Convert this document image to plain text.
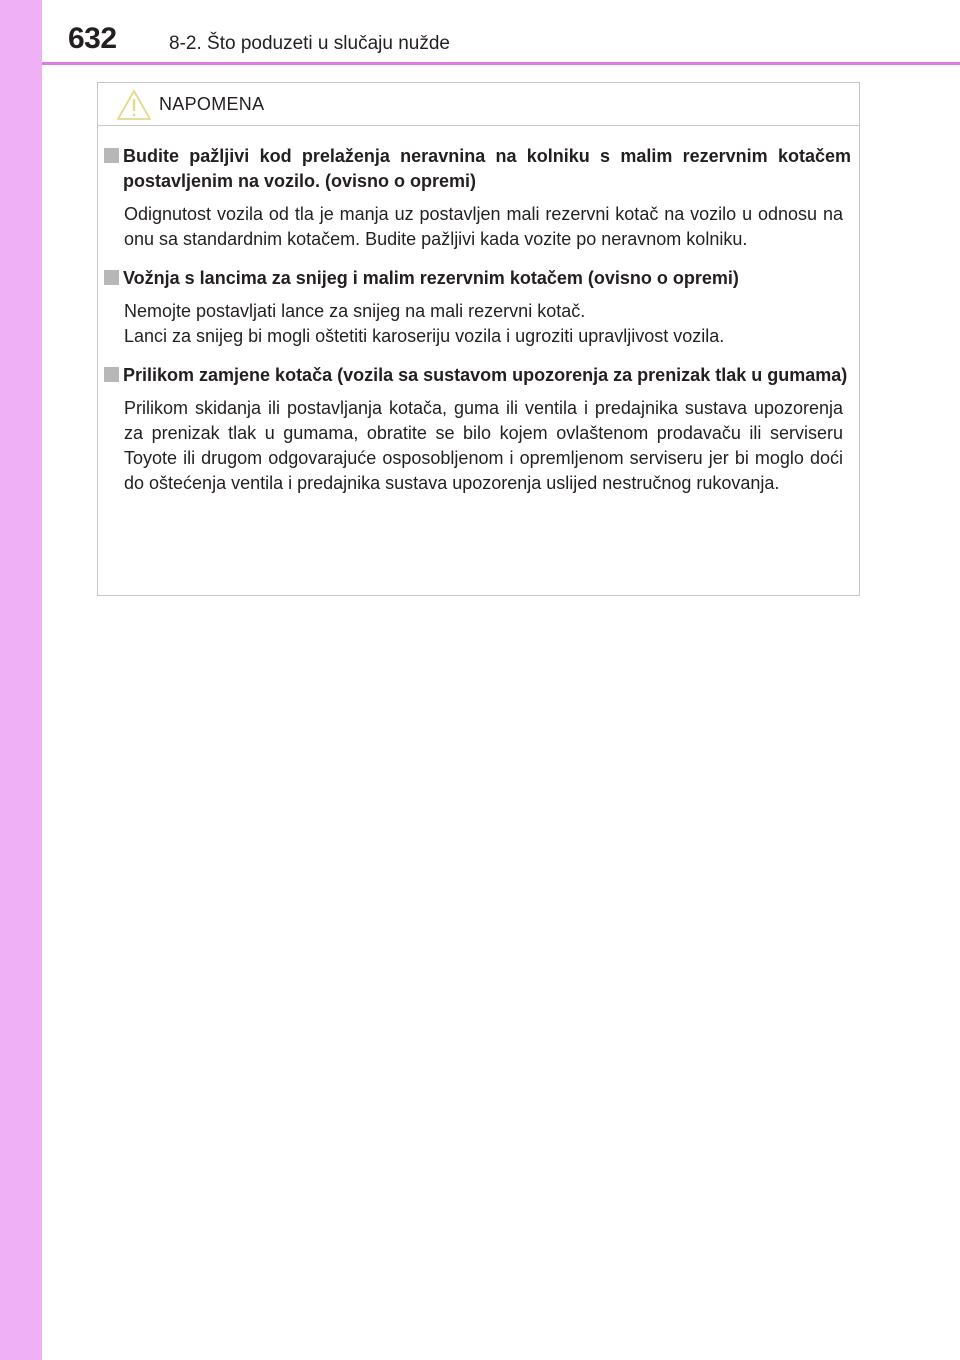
632	8-2. Što poduzeti u slučaju nužde
NAPOMENA
Budite pažljivi kod prelaženja neravnina na kolniku s malim rezervnim kotačem postavljenim na vozilo. (ovisno o opremi)
Odignutost vozila od tla je manja uz postavljen mali rezervni kotač na vozilo u odnosu na onu sa standardnim kotačem. Budite pažljivi kada vozite po neravnom kolniku.
Vožnja s lancima za snijeg i malim rezervnim kotačem (ovisno o opremi)
Nemojte postavljati lance za snijeg na mali rezervni kotač.
Lanci za snijeg bi mogli oštetiti karoseriju vozila i ugroziti upravljivost vozila.
Prilikom zamjene kotača (vozila sa sustavom upozorenja za prenizak tlak u gumama)
Prilikom skidanja ili postavljanja kotača, guma ili ventila i predajnika sustava upozorenja za prenizak tlak u gumama, obratite se bilo kojem ovlaštenom prodavaču ili serviseru Toyote ili drugom odgovarajuće osposobljenom i opremljenom serviseru jer bi moglo doći do oštećenja ventila i predajnika sustava upozorenja uslijed nestručnog rukovanja.
